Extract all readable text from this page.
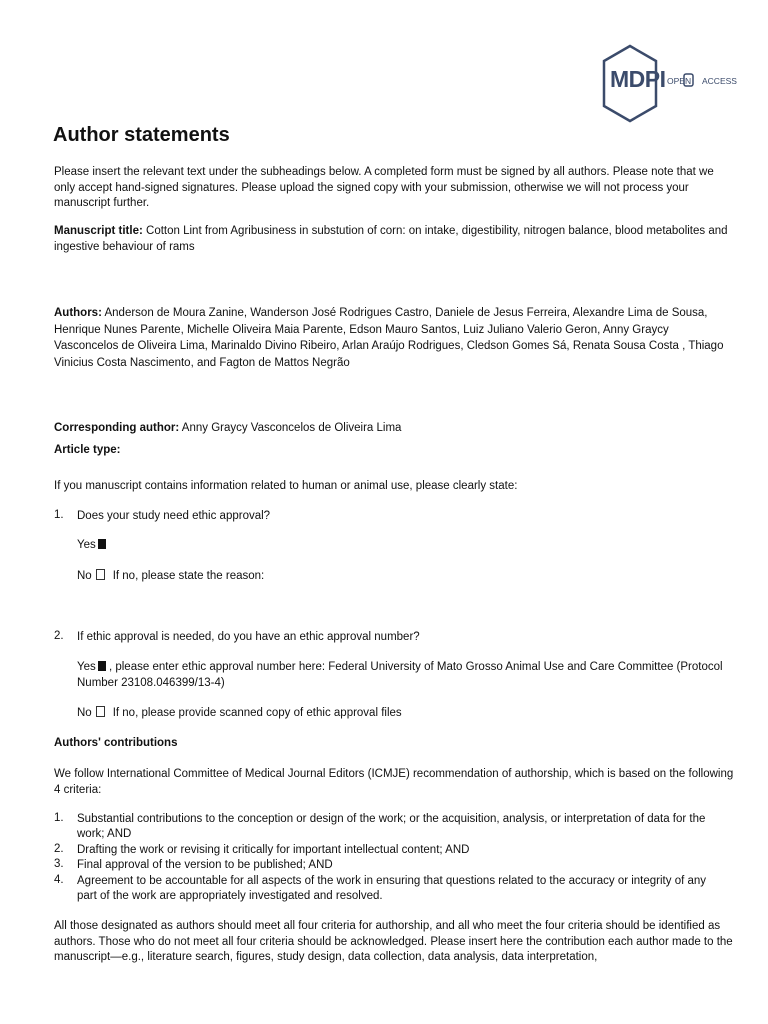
MDPI OPEN ACCESS
Author statements
Please insert the relevant text under the subheadings below. A completed form must be signed by all authors. Please note that we only accept hand-signed signatures. Please upload the signed copy with your submission, otherwise we will not process your manuscript further.
Manuscript title: Cotton Lint from Agribusiness in substution of corn: on intake, digestibility, nitrogen balance, blood metabolites and ingestive behaviour of rams
Authors: Anderson de Moura Zanine, Wanderson José Rodrigues Castro, Daniele de Jesus Ferreira, Alexandre Lima de Sousa, Henrique Nunes Parente, Michelle Oliveira Maia Parente, Edson Mauro Santos, Luiz Juliano Valerio Geron, Anny Graycy Vasconcelos de Oliveira Lima, Marinaldo Divino Ribeiro, Arlan Araújo Rodrigues, Cledson Gomes Sá, Renata Sousa Costa , Thiago Vinicius Costa Nascimento, and Fagton de Mattos Negrão
Corresponding author: Anny Graycy Vasconcelos de Oliveira Lima
Article type:
If you manuscript contains information related to human or animal use, please clearly state:
1. Does your study need ethic approval?
Yes
No If no, please state the reason:
2. If ethic approval is needed, do you have an ethic approval number?
Yes , please enter ethic approval number here: Federal University of Mato Grosso Animal Use and Care Committee (Protocol Number 23108.046399/13-4)
No If no, please provide scanned copy of ethic approval files
Authors' contributions
We follow International Committee of Medical Journal Editors (ICMJE) recommendation of authorship, which is based on the following 4 criteria:
1. Substantial contributions to the conception or design of the work; or the acquisition, analysis, or interpretation of data for the work; AND
2. Drafting the work or revising it critically for important intellectual content; AND
3. Final approval of the version to be published; AND
4. Agreement to be accountable for all aspects of the work in ensuring that questions related to the accuracy or integrity of any part of the work are appropriately investigated and resolved.
All those designated as authors should meet all four criteria for authorship, and all who meet the four criteria should be identified as authors. Those who do not meet all four criteria should be acknowledged. Please insert here the contribution each author made to the manuscript—e.g., literature search, figures, study design, data collection, data analysis, data interpretation,
